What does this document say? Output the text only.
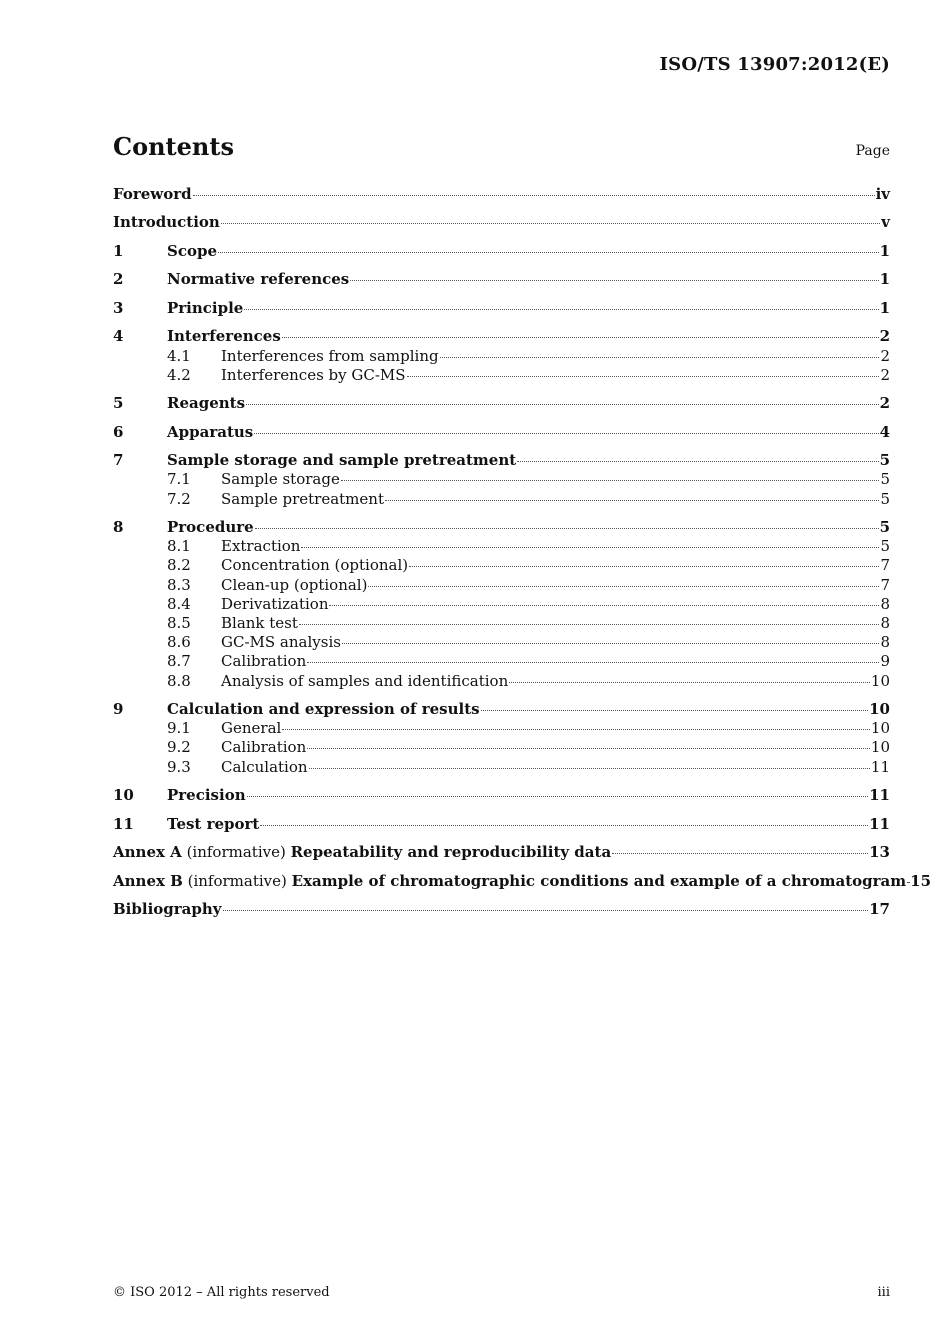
ISO/TS 13907:2012(E)
Contents	Page
Foreword	iv
Introduction	v
1	Scope	1
2	Normative references	1
3	Principle	1
4	Interferences	2
4.1	Interferences from sampling	2
4.2	Interferences by GC-MS	2
5	Reagents	2
6	Apparatus	4
7	Sample storage and sample pretreatment	5
7.1	Sample storage	5
7.2	Sample pretreatment	5
8	Procedure	5
8.1	Extraction	5
8.2	Concentration (optional)	7
8.3	Clean-up (optional)	7
8.4	Derivatization	8
8.5	Blank test	8
8.6	GC-MS analysis	8
8.7	Calibration	9
8.8	Analysis of samples and identification	10
9	Calculation and expression of results	10
9.1	General	10
9.2	Calibration	10
9.3	Calculation	11
10	Precision	11
11	Test report	11
Annex A (informative) Repeatability and reproducibility data	13
Annex B (informative) Example of chromatographic conditions and example of a chromatogram 15
Bibliography	17
© ISO 2012 – All rights reserved	iii
